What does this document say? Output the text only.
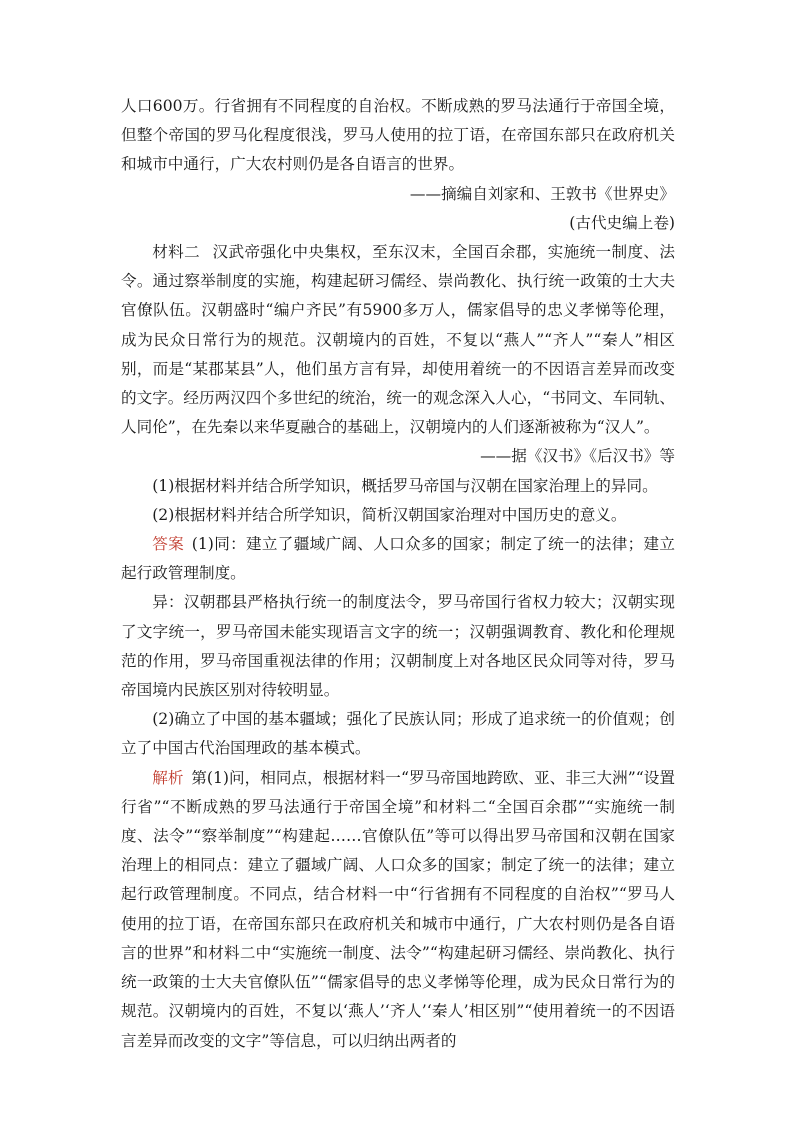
人口600万。行省拥有不同程度的自治权。不断成熟的罗马法通行于帝国全境，但整个帝国的罗马化程度很浅，罗马人使用的拉丁语，在帝国东部只在政府机关和城市中通行，广大农村则仍是各自语言的世界。

——摘编自刘家和、王敦书《世界史》

(古代史编上卷)

材料二 汉武帝强化中央集权，至东汉末，全国百余郡，实施统一制度、法令。通过察举制度的实施，构建起研习儒经、崇尚教化、执行统一政策的士大夫官僚队伍。汉朝盛时“编户齐民”有5900多万人，儒家倡导的忠义孝悌等伦理，成为民众日常行为的规范。汉朝境内的百姓，不复以“燕人”“齐人”“秦人”相区别，而是“某郡某县”人，他们虽方言有异，却使用着统一的不因语言差异而改变的文字。经历两汉四个多世纪的统治，统一的观念深入人心，“书同文、车同轨、人同伦”，在先秦以来华夏融合的基础上，汉朝境内的人们逐渐被称为“汉人”。

——据《汉书》《后汉书》等

(1)根据材料并结合所学知识，概括罗马帝国与汉朝在国家治理上的异同。

(2)根据材料并结合所学知识，简析汉朝国家治理对中国历史的意义。

答案 (1)同：建立了疆域广阔、人口众多的国家；制定了统一的法律；建立起行政管理制度。

异：汉朝郡县严格执行统一的制度法令，罗马帝国行省权力较大；汉朝实现了文字统一，罗马帝国未能实现语言文字的统一；汉朝强调教育、教化和伦理规范的作用，罗马帝国重视法律的作用；汉朝制度上对各地区民众同等对待，罗马帝国境内民族区别对待较明显。

(2)确立了中国的基本疆域；强化了民族认同；形成了追求统一的价值观；创立了中国古代治国理政的基本模式。

解析 第(1)问，相同点，根据材料一“罗马帝国地跨欧、亚、非三大洲”“设置行省”“不断成熟的罗马法通行于帝国全境”和材料二“全国百余郡”“实施统一制度、法令”“察举制度”“构建起……官僚队伍”等可以得出罗马帝国和汉朝在国家治理上的相同点：建立了疆域广阔、人口众多的国家；制定了统一的法律；建立起行政管理制度。不同点，结合材料一中“行省拥有不同程度的自治权”“罗马人使用的拉丁语，在帝国东部只在政府机关和城市中通行，广大农村则仍是各自语言的世界”和材料二中“实施统一制度、法令”“构建起研习儒经、崇尚教化、执行统一政策的士大夫官僚队伍”“儒家倡导的忠义孝悌等伦理，成为民众日常行为的规范。汉朝境内的百姓，不复以‘燕人’‘齐人’‘秦人’相区别”“使用着统一的不因语言差异而改变的文字”等信息，可以归纳出两者的
